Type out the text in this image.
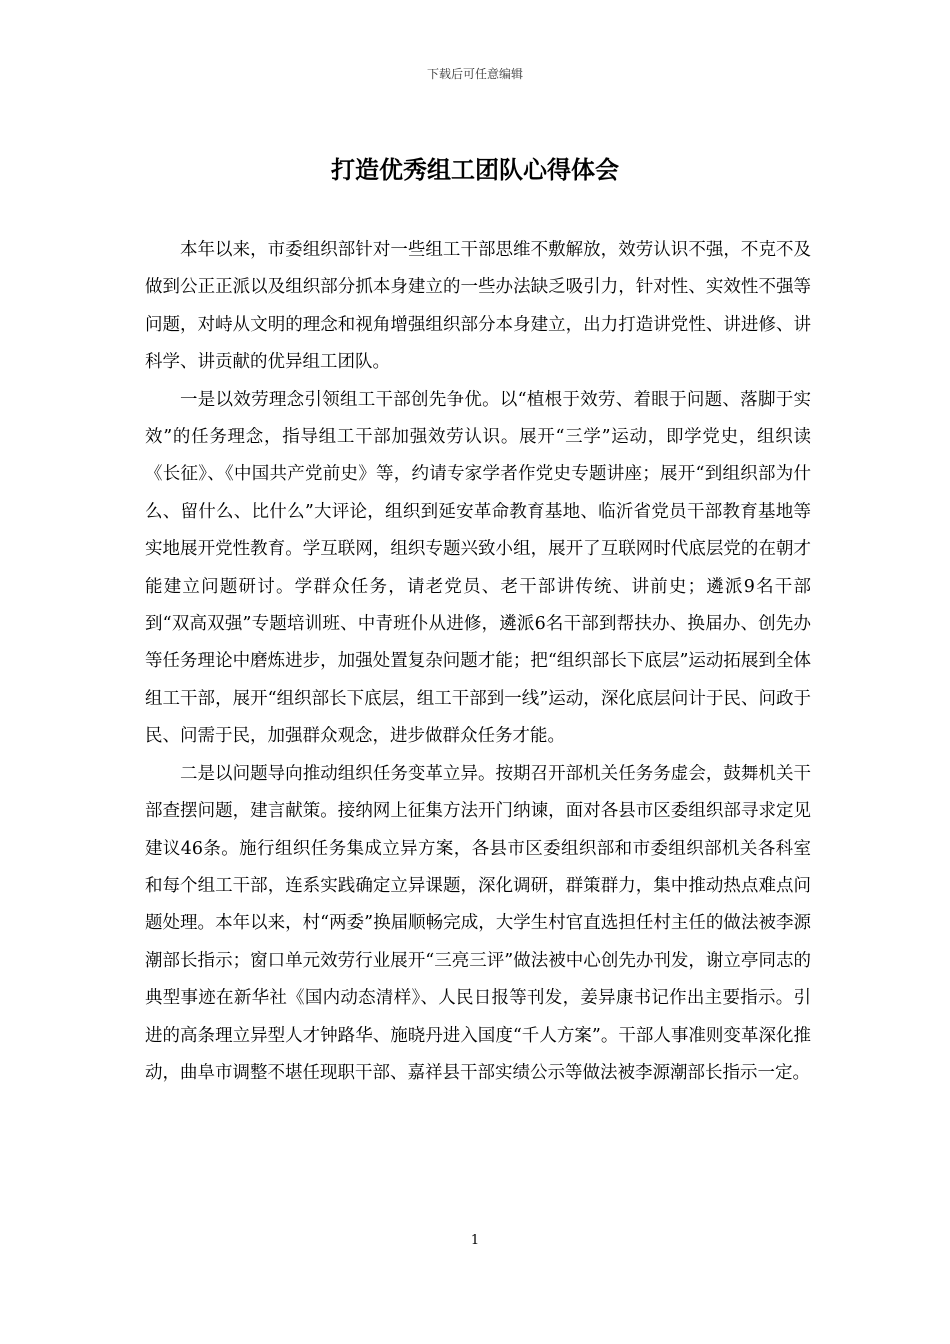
下载后可任意编辑
打造优秀组工团队心得体会

本年以来，市委组织部针对一些组工干部思维不敷解放，效劳认识不强，不克不及做到公正正派以及组织部分抓本身建立的一些办法缺乏吸引力，针对性、实效性不强等问题，对峙从文明的理念和视角增强组织部分本身建立，出力打造讲党性、讲进修、讲科学、讲贡献的优异组工团队。

一是以效劳理念引领组工干部创先争优。以“植根于效劳、着眼于问题、落脚于实效”的任务理念，指导组工干部加强效劳认识。展开“三学”运动，即学党史，组织读《长征》、《中国共产党前史》等，约请专家学者作党史专题讲座；展开“到组织部为什么、留什么、比什么”大评论，组织到延安革命教育基地、临沂省党员干部教育基地等实地展开党性教育。学互联网，组织专题兴致小组，展开了互联网时代底层党的在朝才能建立问题研讨。学群众任务，请老党员、老干部讲传统、讲前史；遴派9名干部到“双高双强”专题培训班、中青班仆从进修，遴派6名干部到帮扶办、换届办、创先办等任务理论中磨炼进步，加强处置复杂问题才能；把“组织部长下底层”运动拓展到全体组工干部，展开“组织部长下底层，组工干部到一线”运动，深化底层问计于民、问政于民、问需于民，加强群众观念，进步做群众任务才能。

二是以问题导向推动组织任务变革立异。按期召开部机关任务务虚会，鼓舞机关干部查摆问题，建言献策。接纳网上征集方法开门纳谏，面对各县市区委组织部寻求定见建议46条。施行组织任务集成立异方案，各县市区委组织部和市委组织部机关各科室和每个组工干部，连系实践确定立异课题，深化调研，群策群力，集中推动热点难点问题处理。本年以来，村“两委”换届顺畅完成，大学生村官直选担任村主任的做法被李源潮部长指示；窗口单元效劳行业展开“三亮三评”做法被中心创先办刊发，谢立亭同志的典型事迹在新华社《国内动态清样》、人民日报等刊发，姜异康书记作出主要指示。引进的高条理立异型人才钟路华、施晓丹进入国度“千人方案”。干部人事准则变革深化推动，曲阜市调整不堪任现职干部、嘉祥县干部实绩公示等做法被李源潮部长指示一定。

1
